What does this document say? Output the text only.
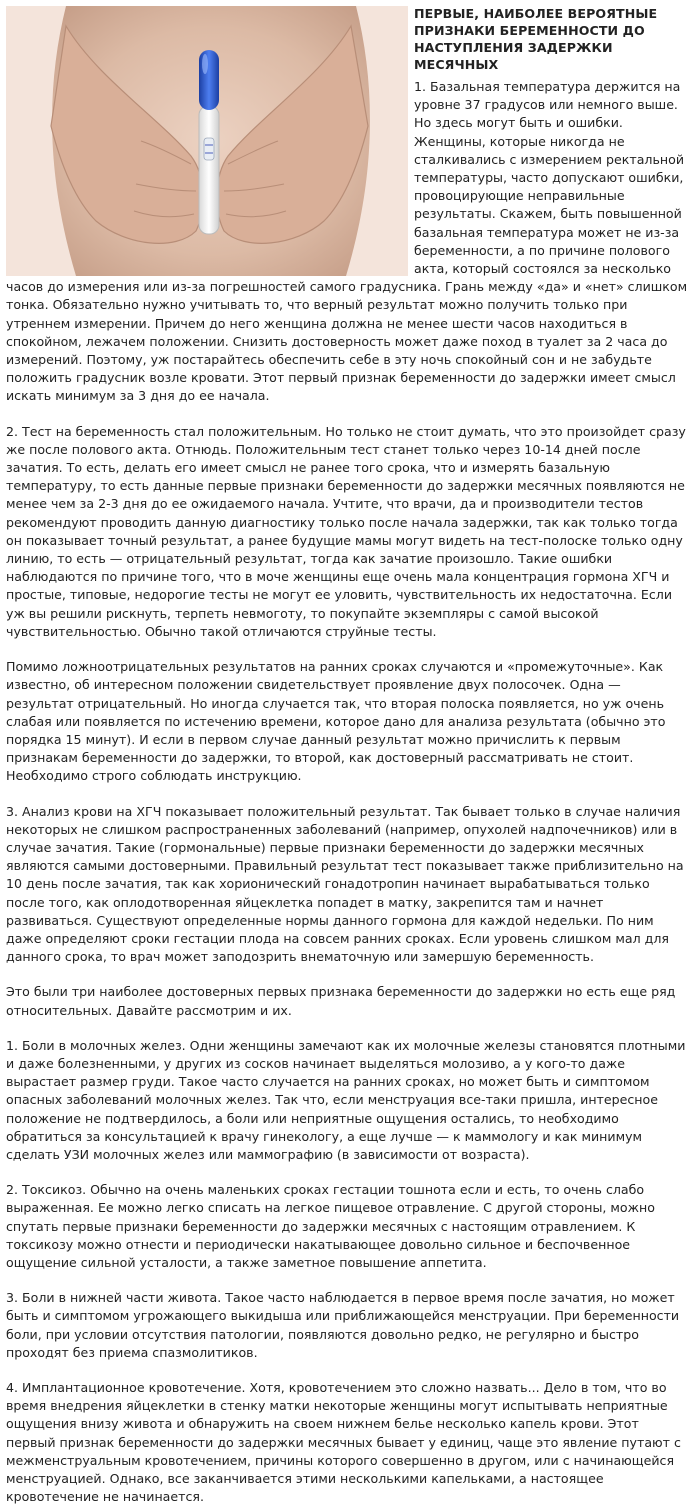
ПЕРВЫЕ, НАИБОЛЕЕ ВЕРОЯТНЫЕ ПРИЗНАКИ БЕРЕМЕННОСТИ ДО НАСТУПЛЕНИЯ ЗАДЕРЖКИ МЕСЯЧНЫХ

1. Базальная температура держится на уровне 37 градусов или немного выше. Но здесь могут быть и ошибки. Женщины, которые никогда не сталкивались с измерением ректальной температуры, часто допускают ошибки, провоцирующие неправильные результаты. Скажем, быть повышенной базальная температура может не из-за беременности, а по причине полового акта, который состоялся за несколько часов до измерения или из-за погрешностей самого градусника. Грань между «да» и «нет» слишком тонка. Обязательно нужно учитывать то, что верный результат можно получить только при утреннем измерении. Причем до него женщина должна не менее шести часов находиться в спокойном, лежачем положении. Снизить достоверность может даже поход в туалет за 2 часа до измерений. Поэтому, уж постарайтесь обеспечить себе в эту ночь спокойный сон и не забудьте положить градусник возле кровати. Этот первый признак беременности до задержки имеет смысл искать минимум за 3 дня до ее начала.

2. Тест на беременность стал положительным. Но только не стоит думать, что это произойдет сразу же после полового акта. Отнюдь. Положительным тест станет только через 10-14 дней после зачатия. То есть, делать его имеет смысл не ранее того срока, что и измерять базальную температуру, то есть данные первые признаки беременности до задержки месячных появляются не менее чем за 2-3 дня до ее ожидаемого начала. Учтите, что врачи, да и производители тестов рекомендуют проводить данную диагностику только после начала задержки, так как только тогда он показывает точный результат, а ранее будущие мамы могут видеть на тест-полоске только одну линию, то есть — отрицательный результат, тогда как зачатие произошло. Такие ошибки наблюдаются по причине того, что в моче женщины еще очень мала концентрация гормона ХГЧ и простые, типовые, недорогие тесты не могут ее уловить, чувствительность их недостаточна. Если уж вы решили рискнуть, терпеть невмоготу, то покупайте экземпляры с самой высокой чувствительностью. Обычно такой отличаются струйные тесты.

Помимо ложноотрицательных результатов на ранних сроках случаются и «промежуточные». Как известно, об интересном положении свидетельствует проявление двух полосочек. Одна — результат отрицательный. Но иногда случается так, что вторая полоска появляется, но уж очень слабая или появляется по истечению времени, которое дано для анализа результата (обычно это порядка 15 минут). И если в первом случае данный результат можно причислить к первым признакам беременности до задержки, то второй, как достоверный рассматривать не стоит. Необходимо строго соблюдать инструкцию.

3. Анализ крови на ХГЧ показывает положительный результат. Так бывает только в случае наличия некоторых не слишком распространенных заболеваний (например, опухолей надпочечников) или в случае зачатия. Такие (гормональные) первые признаки беременности до задержки месячных являются самыми достоверными. Правильный результат тест показывает также приблизительно на 10 день после зачатия, так как хорионический гонадотропин начинает вырабатываться только после того, как оплодотворенная яйцеклетка попадет в матку, закрепится там и начнет развиваться. Существуют определенные нормы данного гормона для каждой недельки. По ним даже определяют сроки гестации плода на совсем ранних сроках. Если уровень слишком мал для данного срока, то врач может заподозрить внематочную или замершую беременность.

Это были три наиболее достоверных первых признака беременности до задержки но есть еще ряд относительных. Давайте рассмотрим и их.

1. Боли в молочных желез. Одни женщины замечают как их молочные железы становятся плотными и даже болезненными, у других из сосков начинает выделяться молозиво, а у кого-то даже вырастает размер груди. Такое часто случается на ранних сроках, но может быть и симптомом опасных заболеваний молочных желез. Так что, если менструация все-таки пришла, интересное положение не подтвердилось, а боли или неприятные ощущения остались, то необходимо обратиться за консультацией к врачу гинекологу, а еще лучше — к маммологу и как минимум сделать УЗИ молочных желез или маммографию (в зависимости от возраста).

2. Токсикоз. Обычно на очень маленьких сроках гестации тошнота если и есть, то очень слабо выраженная. Ее можно легко списать на легкое пищевое отравление. С другой стороны, можно спутать первые признаки беременности до задержки месячных с настоящим отравлением. К токсикозу можно отнести и периодически накатывающее довольно сильное и беспочвенное ощущение сильной усталости, а также заметное повышение аппетита.

3. Боли в нижней части живота. Такое часто наблюдается в первое время после зачатия, но может быть и симптомом угрожающего выкидыша или приближающейся менструации. При беременности боли, при условии отсутствия патологии, появляются довольно редко, не регулярно и быстро проходят без приема спазмолитиков.

4. Имплантационное кровотечение. Хотя, кровотечением это сложно назвать... Дело в том, что во время внедрения яйцеклетки в стенку матки некоторые женщины могут испытывать неприятные ощущения внизу живота и обнаружить на своем нижнем белье несколько капель крови. Этот первый признак беременности до задержки месячных бывает у единиц, чаще это явление путают с межменструальным кровотечением, причины которого совершенно в другом, или с начинающейся менструацией. Однако, все заканчивается этими несколькими капельками, а настоящее кровотечение не начинается.
